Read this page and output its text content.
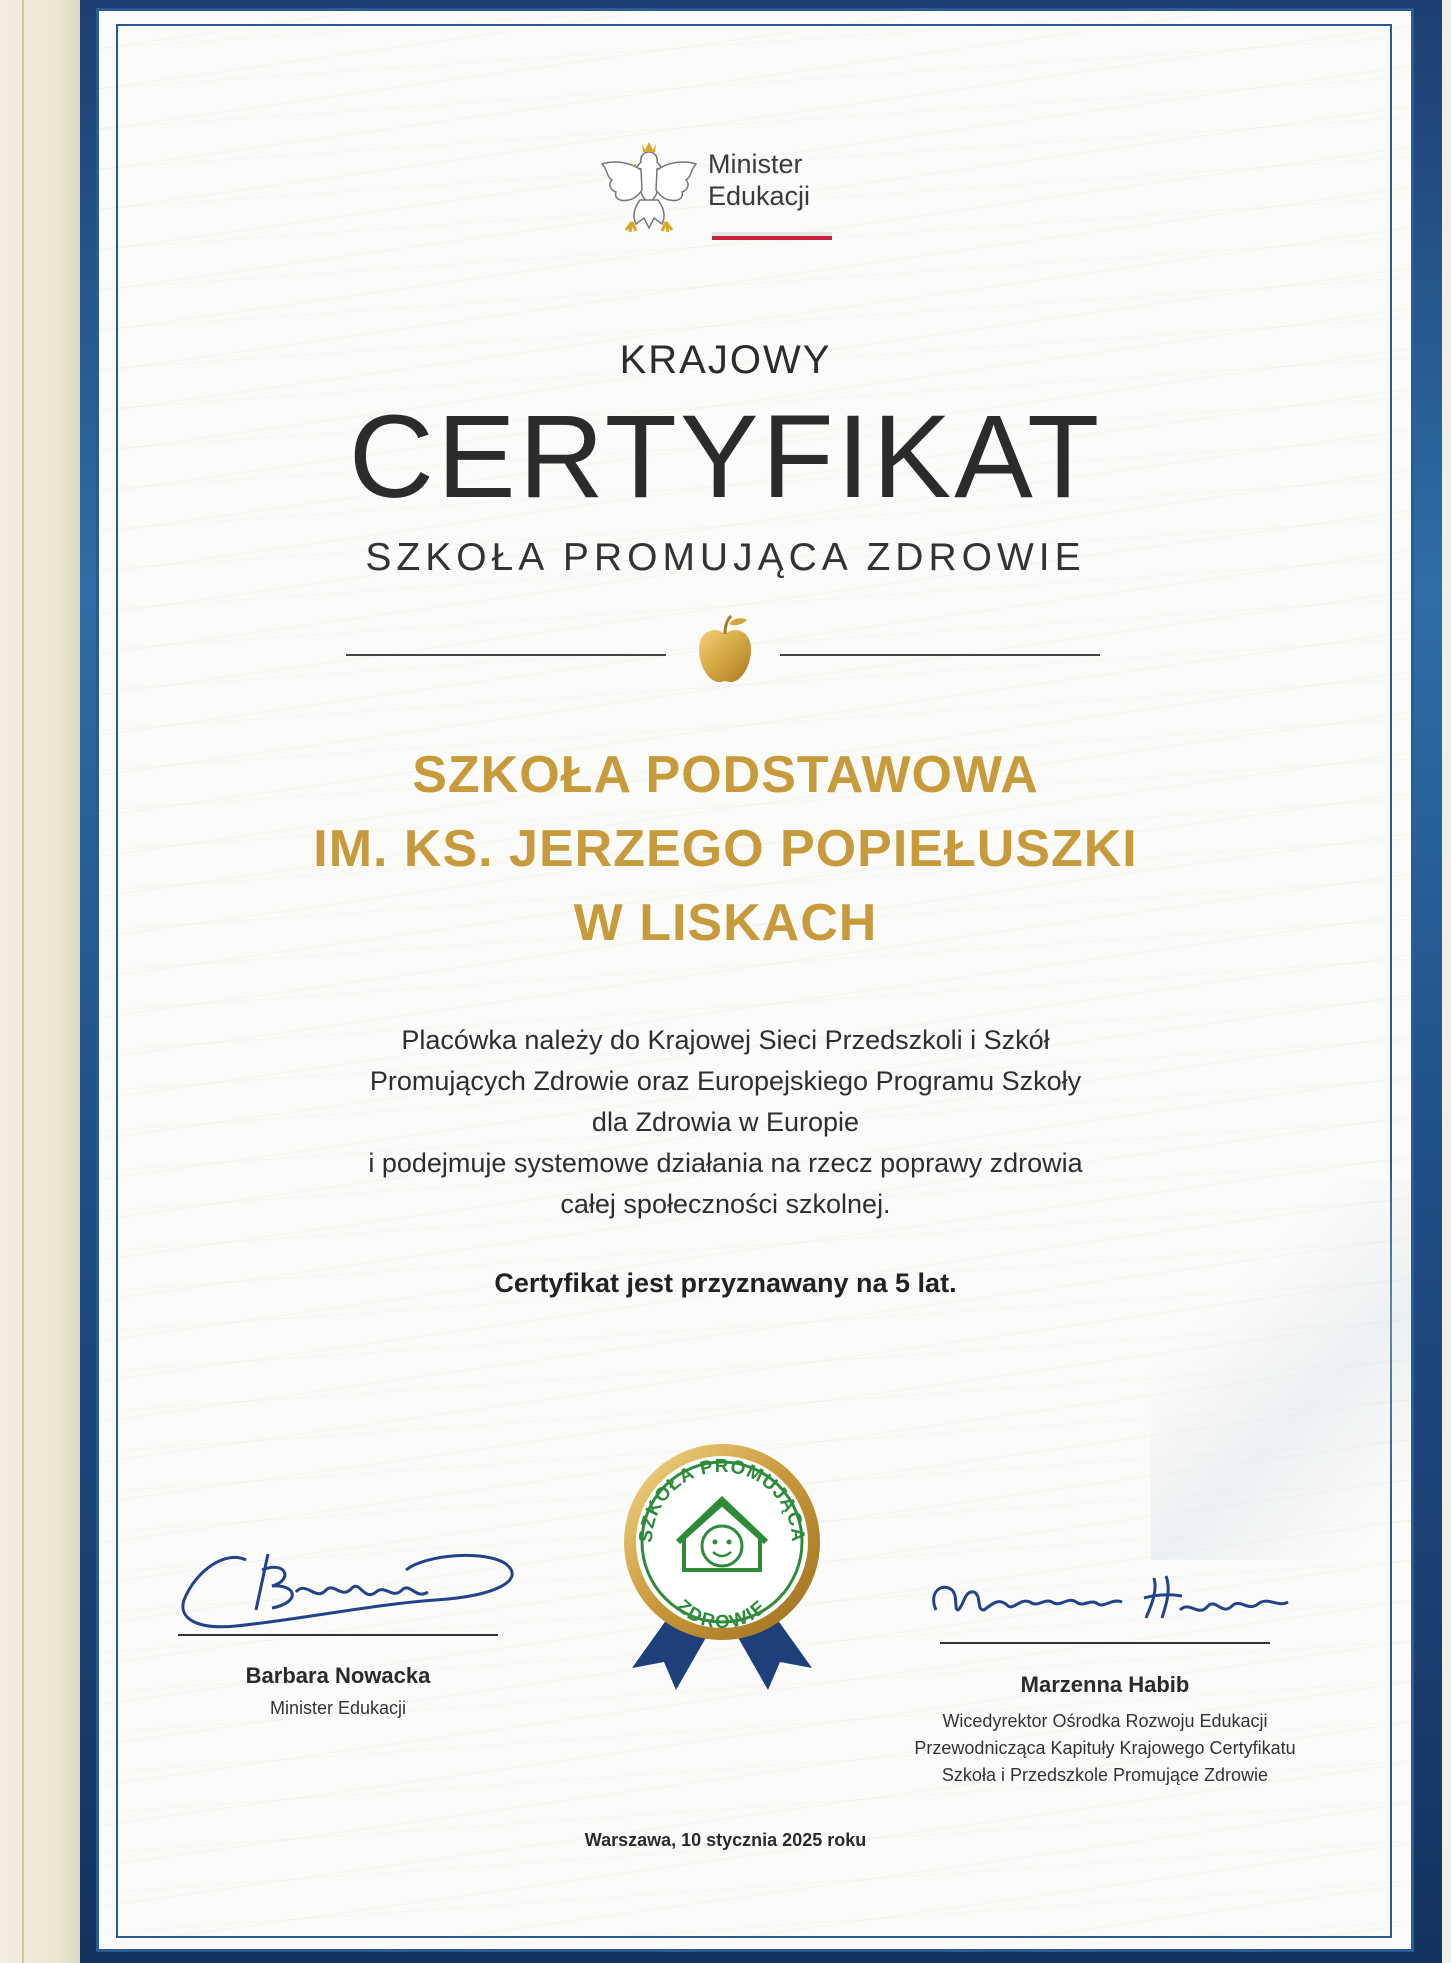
Minister
Edukacji
KRAJOWY
CERTYFIKAT
SZKOŁA PROMUJĄCA ZDROWIE
SZKOŁA PODSTAWOWA
IM. KS. JERZEGO POPIEŁUSZKI
W LISKACH
Placówka należy do Krajowej Sieci Przedszkoli i Szkół
Promujących Zdrowie oraz Europejskiego Programu Szkoły
dla Zdrowia w Europie
i podejmuje systemowe działania na rzecz poprawy zdrowia
całej społeczności szkolnej.
Certyfikat jest przyznawany na 5 lat.
SZKOŁA PROMUJĄCA
ZDROWIE
Barbara Nowacka
Minister Edukacji
Marzenna Habib
Wicedyrektor Ośrodka Rozwoju Edukacji
Przewodnicząca Kapituły Krajowego Certyfikatu
Szkoła i Przedszkole Promujące Zdrowie
Warszawa, 10 stycznia 2025 roku
